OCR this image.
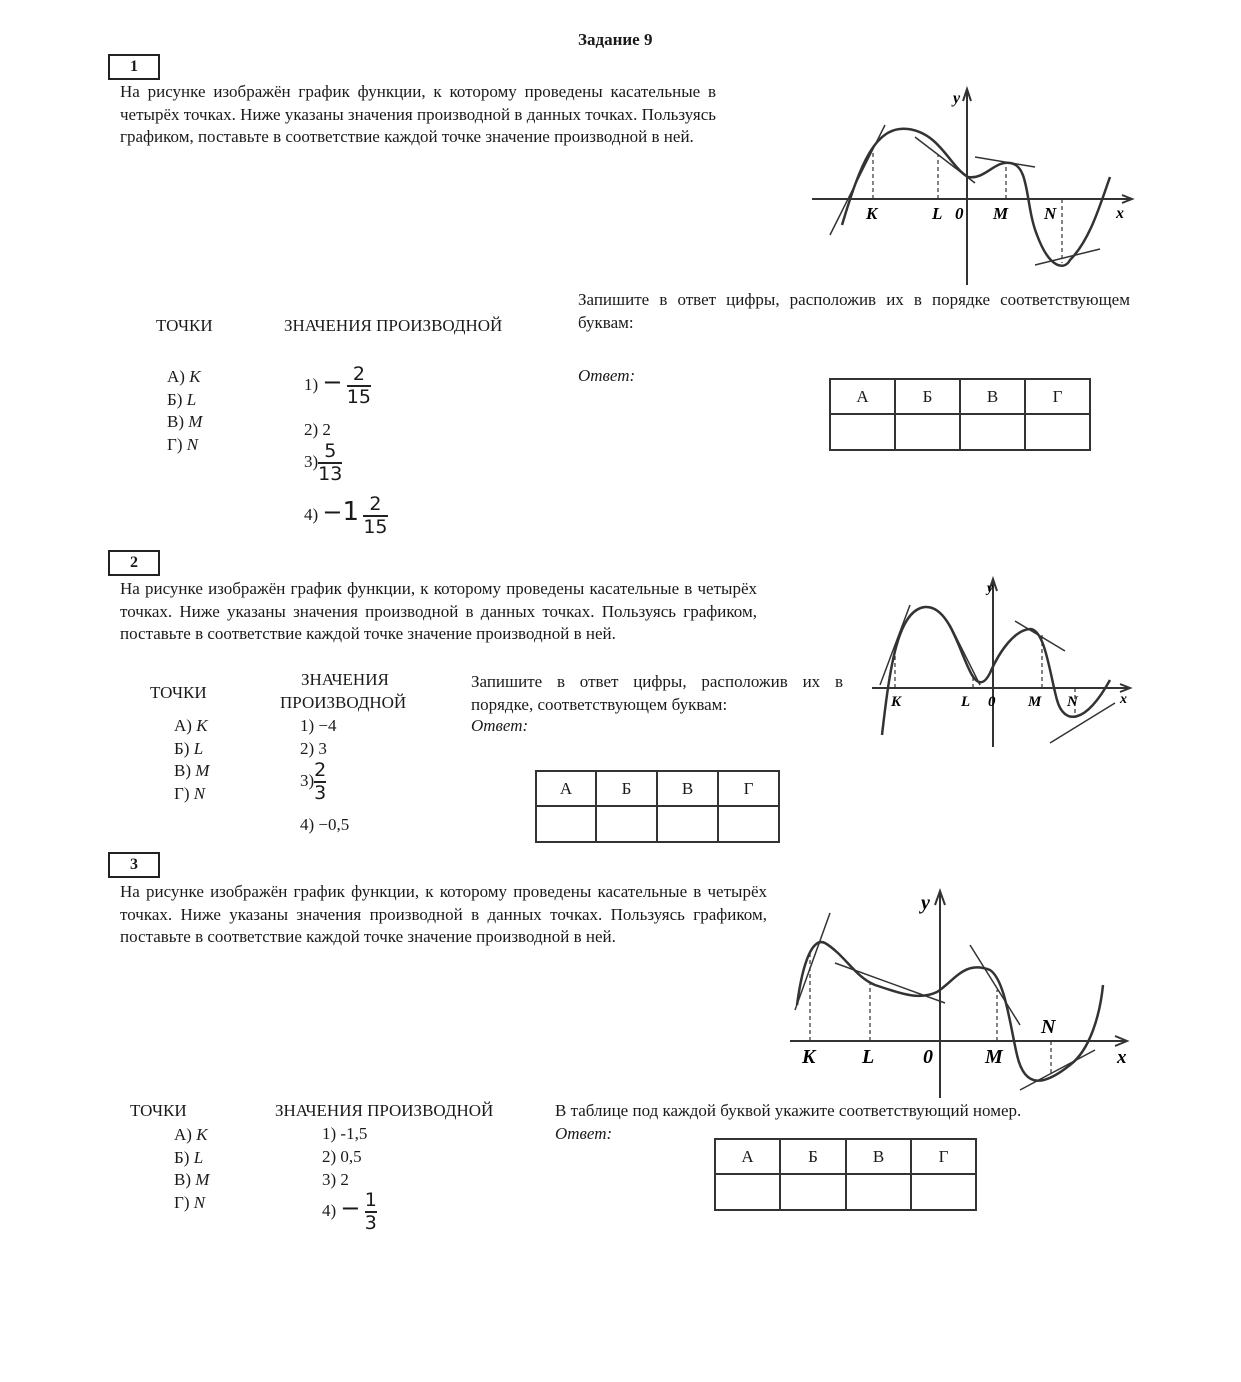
Задание 9
1
На рисунке изображён график функции, к которому проведены касательные в четырёх точках. Ниже указаны значения производной в данных точках. Пользуясь графиком, поставьте в соответствие каждой точке значение производной в ней.
y
x
0
K	L	M N
Запишите в ответ цифры, расположив их в порядке соответствующем буквам:
ТОЧКИ	ЗНАЧЕНИЯ ПРОИЗВОДНОЙ
А) K
Б) L
В) M
Г) N
$1) - \frac{2}{15}$
2) 2
$3) \frac{5}{13}$
$4) -1 \frac{2}{15}$
Ответ:
А	Б	В	Г

2
На рисунке изображён график функции, к которому проведены касательные в четырёх точках. Ниже указаны значения производной в данных точках. Пользуясь графиком, поставьте в соответствие каждой точке значение производной в ней.
y
x
0
K	L	M N
ТОЧКИ
ЗНАЧЕНИЯ
ПРОИЗВОДНОЙ
А) K
Б) L
В) M
Г) N
1) −4
2) 3
$3) \frac{2}{3}$
4) −0,5
Запишите в ответ цифры, расположив их в порядке, соответствующем буквам:
Ответ:
А	Б	В	Г

3
На рисунке изображён график функции, к которому проведены касательные в четырёх точках. Ниже указаны значения производной в данных точках. Пользуясь графиком, поставьте в соответствие каждой точке значение производной в ней.
y
x
0
K L	M
N
ТОЧКИ	ЗНАЧЕНИЯ ПРОИЗВОДНОЙ
А) K
Б) L
В) M
Г) N
1) -1,5
2) 0,5
3) 2
$4) - \frac{1}{3}$
В таблице под каждой буквой укажите соответствующий номер.
Ответ:
А	Б	В	Г
